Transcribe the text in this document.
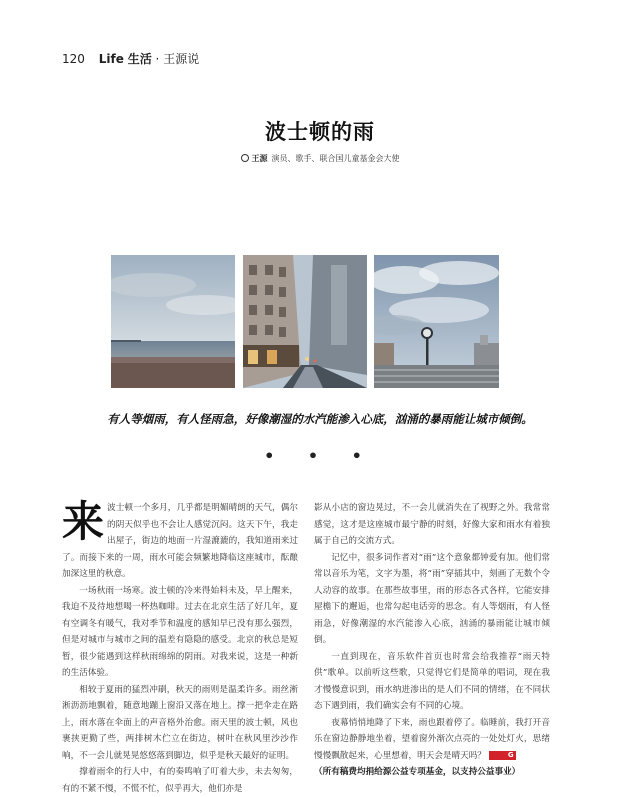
120 Life 生活 · 王源说
波士顿的雨
王源 演员、歌手、联合国儿童基金会大使
有人等烟雨，有人怪雨急，好像潮湿的水汽能渗入心底，汹涌的暴雨能让城市倾倒。
• • •

来波士顿一个多月，几乎都是明媚晴朗的天气，偶尔的阴天似乎也不会让人感觉沉闷。这天下午，我走出屋子，街边的地面一片湿漉漉的，我知道雨来过了。而接下来的一周，雨水可能会频繁地降临这座城市，酝酿加深这里的秋意。

一场秋雨一场寒。波士顿的冷来得始料未及，早上醒来，我迫不及待地想喝一杯热咖啡。过去在北京生活了好几年，夏有空调冬有暖气，我对季节和温度的感知早已没有那么强烈，但是对城市与城市之间的温差有隐隐的感受。北京的秋总是短暂，很少能遇到这样秋雨绵绵的阴雨。对我来说，这是一种新的生活体验。

相较于夏雨的猛烈冲刷，秋天的雨则是温柔许多。雨丝淅淅沥沥地飘着，随意地蹦上窗沿又落在地上。撑一把伞走在路上，雨水落在伞面上的声音格外治愈。雨天里的波士顿，风也裹挟更勤了些，两排树木伫立在街边，树叶在秋风里沙沙作响，不一会儿就晃晃悠悠落到脚边，似乎是秋天最好的证明。

撑着雨伞的行人中，有的奏鸣响了叮着大步，未去匆匆，有的不紧不慢，不慌不忙，似乎再大，他们亦是

影从小店的窗边晃过，不一会儿就消失在了视野之外。我常常感觉，这才是这座城市最宁静的时刻，好像大家和雨水有着独属于自己的交流方式。

记忆中，很多词作者对“雨”这个意象都钟爱有加。他们常常以音乐为笔，文字为墨，将“雨”穿插其中，刻画了无数个令人动容的故事。在那些故事里，雨的形态各式各样，它能安排屋檐下的邂逅，也常勾起电话旁的思念。有人等烟雨，有人怪雨急，好像潮湿的水汽能渗入心底，汹涌的暴雨能让城市倾倒。

一直到现在，音乐软件首页也时常会给我推荐“雨天特供”歌单。以前听这些歌，只觉得它们是简单的唱词，现在我才慢慢意识到，雨水纳进渗出的是人们不同的情绪，在不同状态下遇到雨，我们确实会有不同的心境。

夜幕悄悄地降了下来，雨也跟着停了。临睡前，我打开音乐在窗边静静地坐着，望着窗外渐次点亮的一处处灯火，思绪慢慢飘散起来，心里想着，明天会是晴天吗？	G

（所有稿费均捐给源公益专项基金，以支持公益事业）
